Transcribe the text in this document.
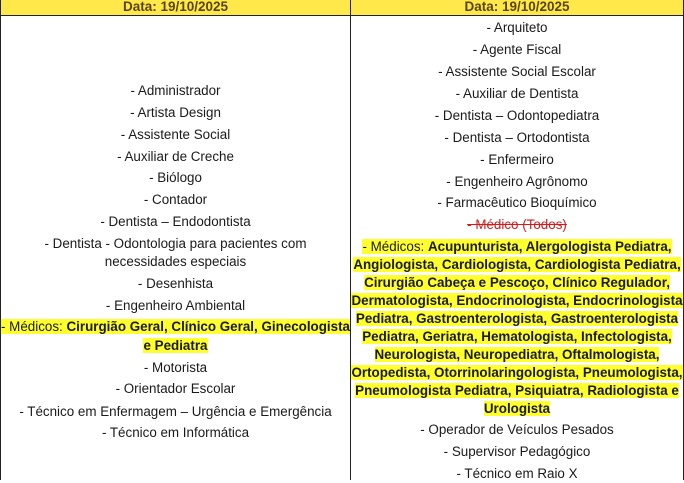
Data: 19/10/2025
- Administrador
- Artista Design
- Assistente Social
- Auxiliar de Creche
- Biólogo
- Contador
- Dentista – Endodontista
- Dentista - Odontologia para pacientes com
necessidades especiais
- Desenhista
- Engenheiro Ambiental
- Médicos: Cirurgião Geral, Clínico Geral, Ginecologista
e Pediatra
- Motorista
- Orientador Escolar
- Técnico em Enfermagem – Urgência e Emergência
- Técnico em Informática
Data: 19/10/2025
- Arquiteto
- Agente Fiscal
- Assistente Social Escolar
- Auxiliar de Dentista
- Dentista – Odontopediatra
- Dentista – Ortodontista
- Enfermeiro
- Engenheiro Agrônomo
- Farmacêutico Bioquímico
- Médico (Todos)
- Médicos: Acupunturista, Alergologista Pediatra,
Angiologista, Cardiologista, Cardiologista Pediatra,
Cirurgião Cabeça e Pescoço, Clínico Regulador,
Dermatologista, Endocrinologista, Endocrinologista
Pediatra, Gastroenterologista, Gastroenterologista
Pediatra, Geriatra, Hematologista, Infectologista,
Neurologista, Neuropediatra, Oftalmologista,
Ortopedista, Otorrinolaringologista, Pneumologista,
Pneumologista Pediatra, Psiquiatra, Radiologista e
Urologista
- Operador de Veículos Pesados
- Supervisor Pedagógico
- Técnico em Raio X
